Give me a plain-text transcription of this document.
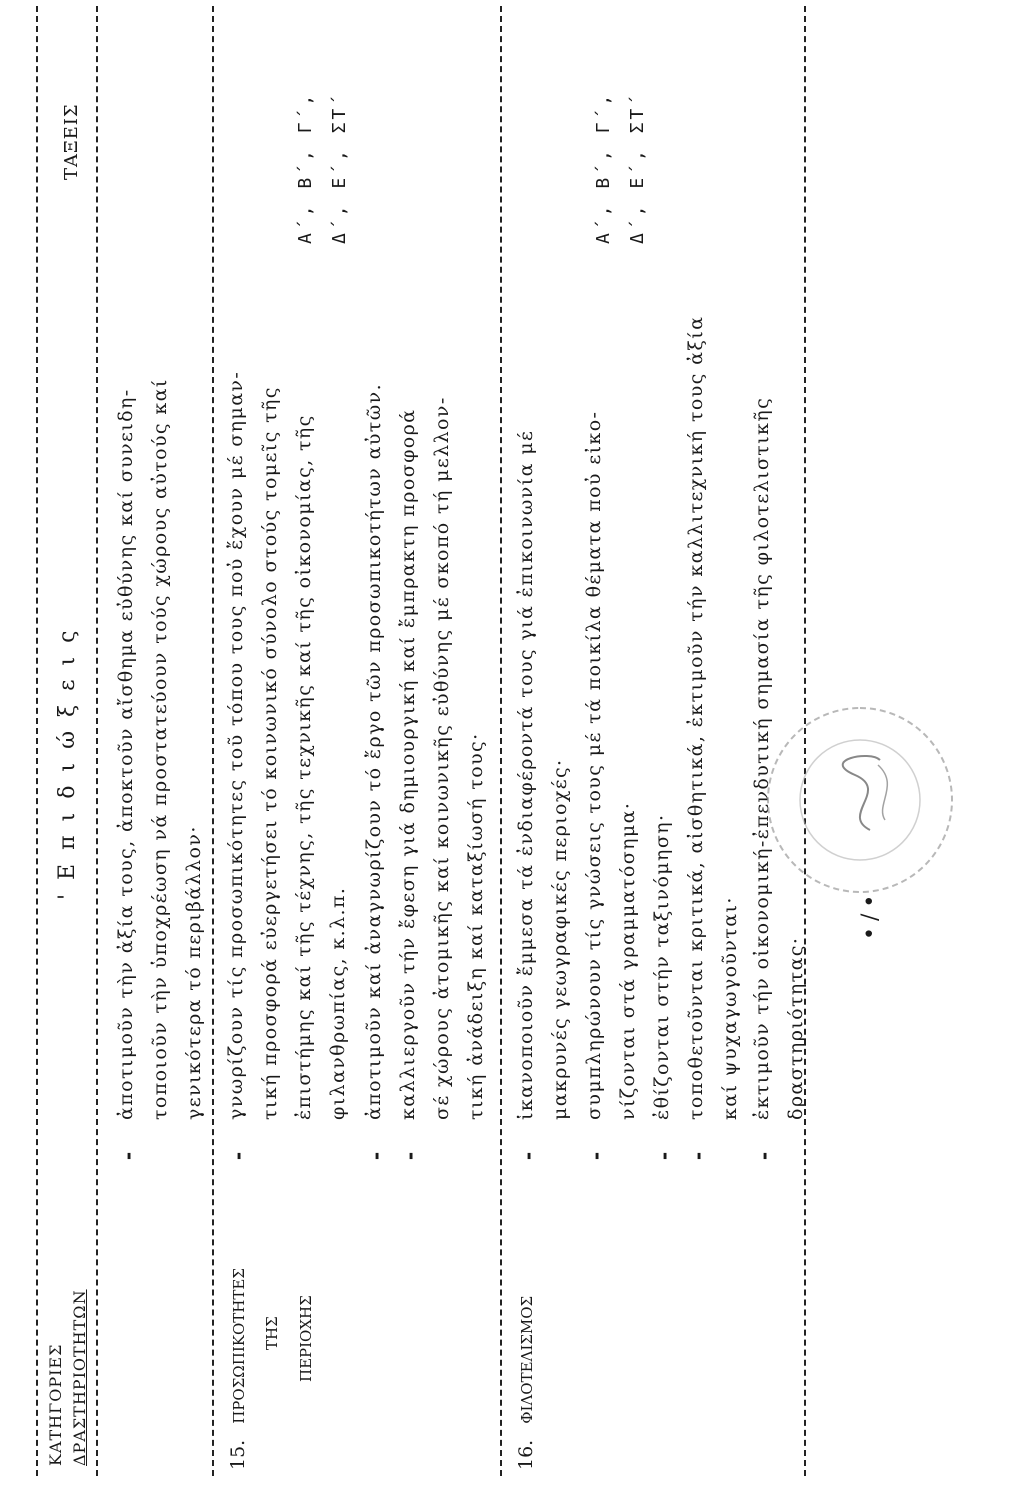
ΚΑΤΗΓΟΡΙΕΣ ΔΡΑΣΤΗΡΙΟΤΗΤΩΝ
'Επιδιώξεις
ΤΑΞΕΙΣ
-
ἀποτιμοῦν τὴν ἀξία τους, ἀποκτοῦν αἴσθημα εὐθύνης καί συνειδη- τοποιοῦν τὴν ὑποχρέωση νά προστατεύουν τούς χώρους αὐτούς καί γενικότερα τό περιβάλλον·
15.ΠΡΟΣΩΠΙΚΟΤΗΤΕΣ ΤΗΣ ΠΕΡΙΟΧΗΣ
-
γνωρίζουν τίς προσωπικότητες τοῦ τόπου τους ποὐ ἔχουν μέ σημαν- τική προσφορά εὐεργετήσει τό κοινωνικό σύνολο στούς τομεῖς τῆς ἐπιστήμης καί τῆς τέχνης, τῆς τεχνικῆς καί τῆς οἰκονομίας, τῆς φιλανθρωπίας, κ.λ.π.
-
ἀποτιμοῦν καί ἀναγνωρίζουν τό ἔργο τῶν προσωπικοτήτων αὐτῶν.
-
καλλιεργοῦν τήν ἔφεση γιά δημιουργική καί ἔμπρακτη προσφορά σέ χώρους ἀτομικῆς καί κοινωνικῆς εὐθύνης μέ σκοπό τή μελλον- τική ἀνάδειξη καί καταξίωσή τους·
Α΄, Β΄, Γ΄, Δ΄, Ε΄, ΣΤ΄
16.ΦΙΛΟΤΕΛΙΣΜΟΣ
-
ἱκανοποιοῦν ἔμμεσα τά ἐνδιαφέροντά τους γιά ἐπικοινωνία μέ μακρυνές γεωγραφικές περιοχές·
-
συμπληρώνουν τίς γνώσεις τους μέ τά ποικίλα θέματα ποὐ εἰκο- νίζονται στά γραμματόσημα·
-
ἐθίζονται στήν ταξινόμηση·
-
τοποθετοῦνται κριτικά, αἰσθητικά, ἐκτιμοῦν τήν καλλιτεχνική τους ἀξία καί ψυχαγωγοῦνται·
-
ἐκτιμοῦν τήν οἰκονομική-ἐπενδυτική σημασία τῆς φιλοτελιστικῆς δραστηριότητας·
Α΄, Β΄, Γ΄, Δ΄, Ε΄, ΣΤ΄
•/•
